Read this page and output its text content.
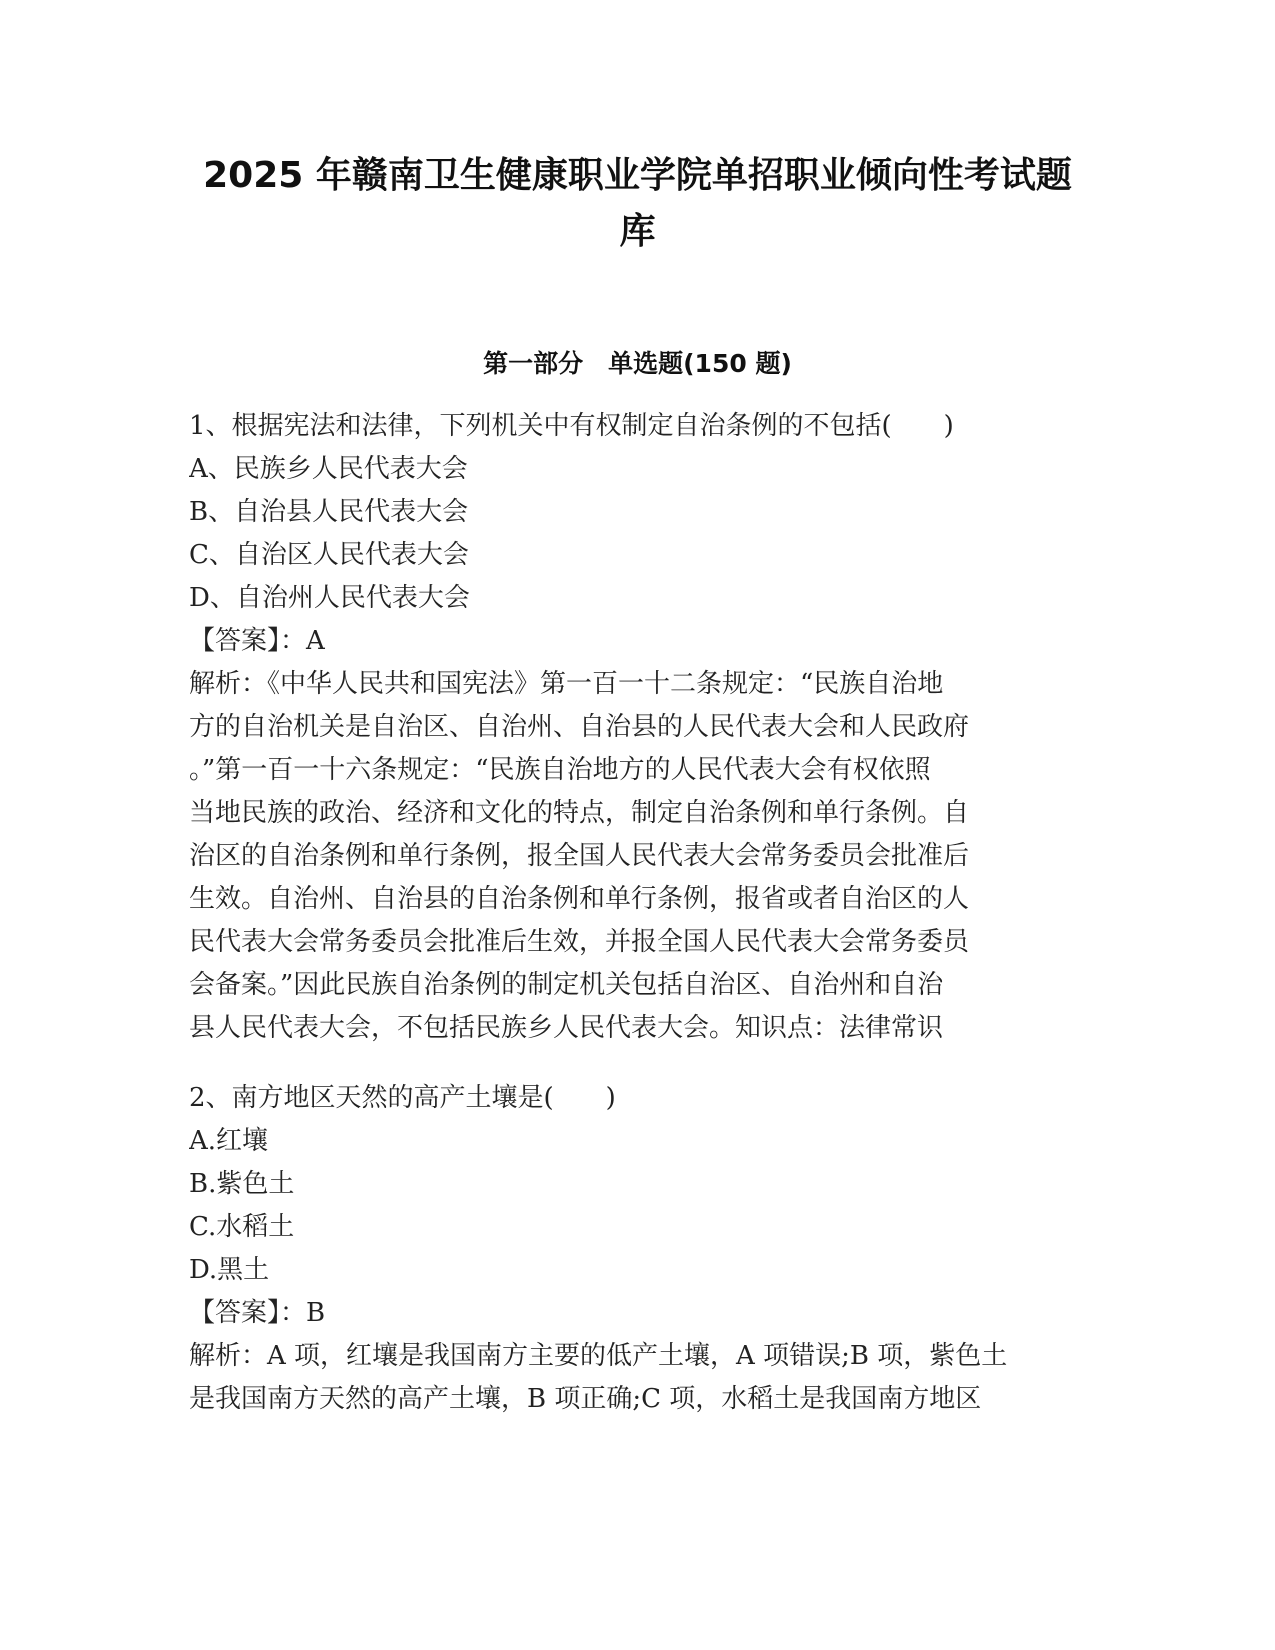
2025 年赣南卫生健康职业学院单招职业倾向性考试题
库
第一部分　单选题(150 题)
1、根据宪法和法律，下列机关中有权制定自治条例的不包括(　　)
A、民族乡人民代表大会
B、自治县人民代表大会
C、自治区人民代表大会
D、自治州人民代表大会
【答案】：A
解析：《中华人民共和国宪法》第一百一十二条规定：“民族自治地
方的自治机关是自治区、自治州、自治县的人民代表大会和人民政府
。”第一百一十六条规定：“民族自治地方的人民代表大会有权依照
当地民族的政治、经济和文化的特点，制定自治条例和单行条例。自
治区的自治条例和单行条例，报全国人民代表大会常务委员会批准后
生效。自治州、自治县的自治条例和单行条例，报省或者自治区的人
民代表大会常务委员会批准后生效，并报全国人民代表大会常务委员
会备案。”因此民族自治条例的制定机关包括自治区、自治州和自治
县人民代表大会，不包括民族乡人民代表大会。知识点：法律常识
2、南方地区天然的高产土壤是(　　)
A.红壤
B.紫色土
C.水稻土
D.黑土
【答案】：B
解析：A 项，红壤是我国南方主要的低产土壤，A 项错误;B 项，紫色土
是我国南方天然的高产土壤，B 项正确;C 项，水稻土是我国南方地区
